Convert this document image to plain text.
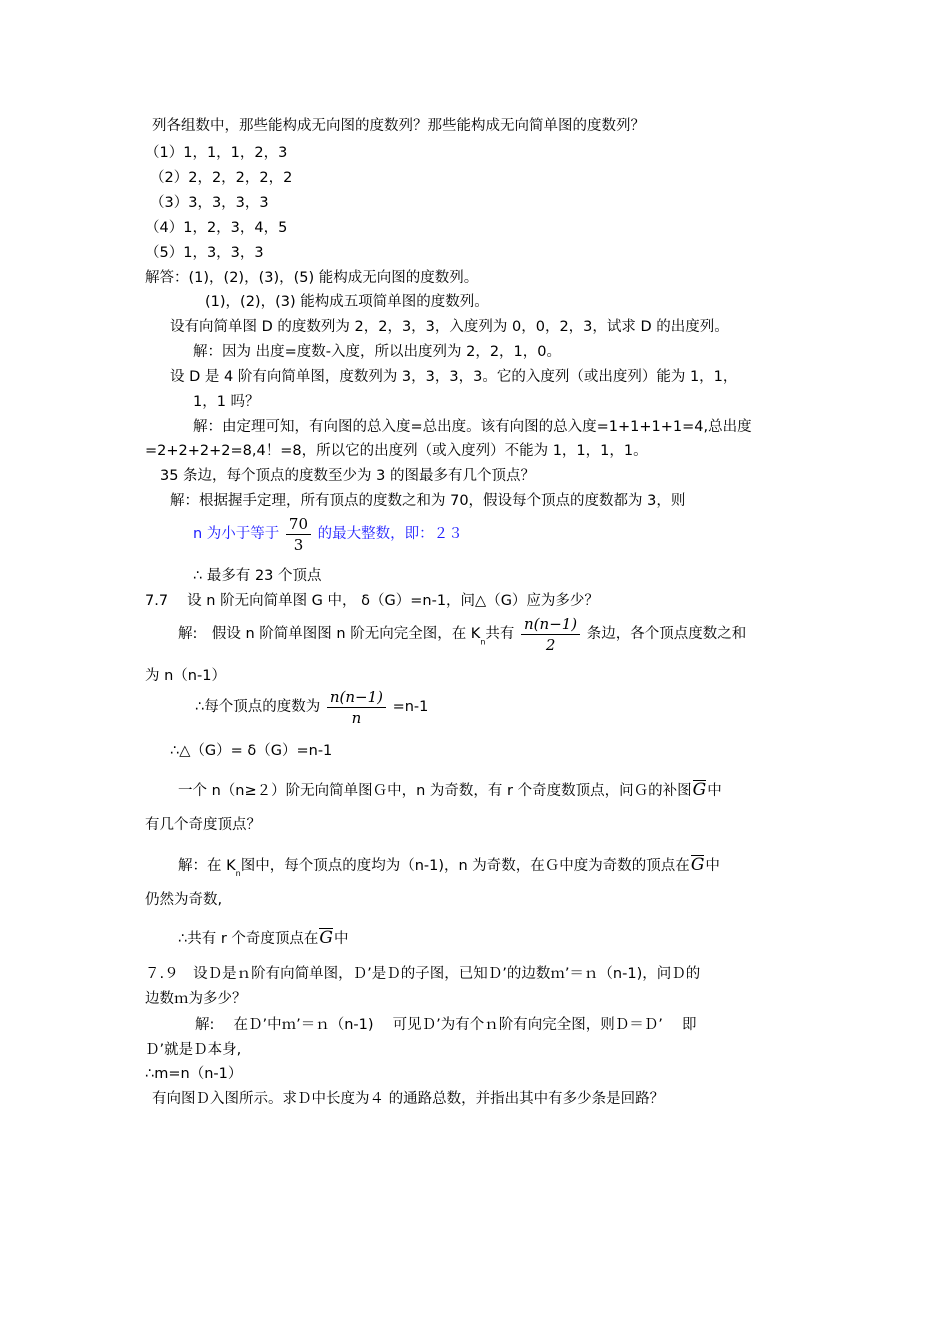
列各组数中，那些能构成无向图的度数列？那些能构成无向简单图的度数列？
（1）1，1，1，2，3
（2）2，2，2，2，2
（3）3，3，3，3
（4）1，2，3，4，5
（5）1，3，3，3
解答：(1)，(2)，(3)，(5) 能构成无向图的度数列。
(1)，(2)，(3) 能构成五项简单图的度数列。
设有向简单图 D 的度数列为 2，2，3，3，入度列为 0，0，2，3，试求 D 的出度列。
解：因为 出度=度数-入度，所以出度列为 2，2，1，0。
设 D 是 4 阶有向简单图，度数列为 3，3，3，3。它的入度列（或出度列）能为 1，1，
1，1 吗？
解：由定理可知，有向图的总入度=总出度。该有向图的总入度=1+1+1+1=4,总出度
=2+2+2+2=8,4！=8，所以它的出度列（或入度列）不能为 1，1，1，1。
35 条边，每个顶点的度数至少为 3 的图最多有几个顶点？
解：根据握手定理，所有顶点的度数之和为 70，假设每个顶点的度数都为 3，则
n 为小于等于 $\frac{70}{3}$ 的最大整数，即：２３
∴ 最多有 23 个顶点
7.7　 设 n 阶无向简单图 G 中， δ（G）=n-1，问△（G）应为多少？
解:　假设 n 阶简单图图 n 阶无向完全图，在 $K_n$共有 $\frac{n(n-1)}{2}$ 条边，各个顶点度数之和
为 n（n-1）
∴每个顶点的度数为 $\frac{n(n-1)}{n} =n-1$
∴△（G）= δ（G）=n-1
一个 n（n≥２）阶无向简单图Ｇ中，n 为奇数，有 r 个奇度数顶点，问Ｇ的补图G中
有几个奇度顶点？
解：在 $K_n$图中，每个顶点的度均为（n-1)，n 为奇数，在Ｇ中度为奇数的顶点在G中
仍然为奇数,
∴共有 r 个奇度顶点在G中
７.９　设Ｄ是ｎ阶有向简单图，Ｄ’是Ｄ的子图，已知Ｄ’的边数ｍ’＝ｎ（n-1)，问Ｄ的
边数ｍ为多少？
解:　 在Ｄ’中ｍ’＝ｎ（n-1)　 可见Ｄ’为有个ｎ阶有向完全图，则Ｄ＝Ｄ’　 即
Ｄ’就是Ｄ本身,
∴m=n（n-1）
有向图Ｄ入图所示。求Ｄ中长度为４ 的通路总数，并指出其中有多少条是回路？
